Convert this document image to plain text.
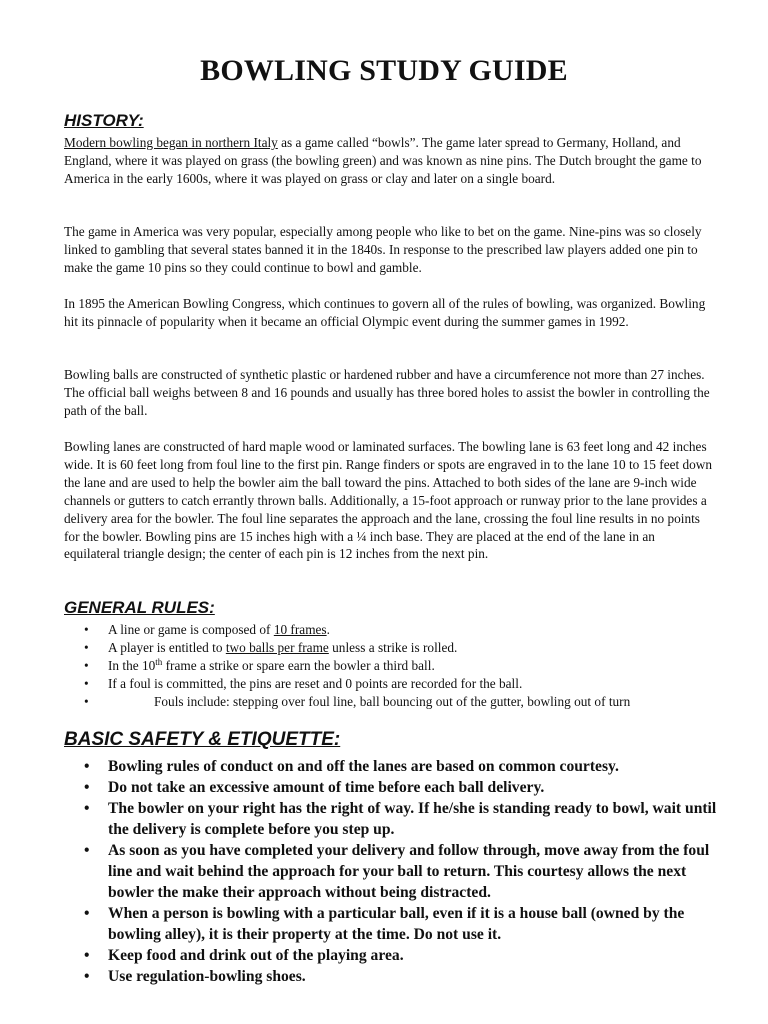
BOWLING STUDY GUIDE
HISTORY:

Modern bowling began in northern Italy as a game called “bowls”. The game later spread to Germany, Holland, and England, where it was played on grass (the bowling green) and was known as nine pins. The Dutch brought the game to America in the early 1600s, where it was played on grass or clay and later on a single board.

The game in America was very popular, especially among people who like to bet on the game. Nine-pins was so closely linked to gambling that several states banned it in the 1840s. In response to the prescribed law players added one pin to make the game 10 pins so they could continue to bowl and gamble.

In 1895 the American Bowling Congress, which continues to govern all of the rules of bowling, was organized. Bowling hit its pinnacle of popularity when it became an official Olympic event during the summer games in 1992.

Bowling balls are constructed of synthetic plastic or hardened rubber and have a circumference not more than 27 inches. The official ball weighs between 8 and 16 pounds and usually has three bored holes to assist the bowler in controlling the path of the ball.

Bowling lanes are constructed of hard maple wood or laminated surfaces. The bowling lane is 63 feet long and 42 inches wide. It is 60 feet long from foul line to the first pin. Range finders or spots are engraved in to the lane 10 to 15 feet down the lane and are used to help the bowler aim the ball toward the pins. Attached to both sides of the lane are 9-inch wide channels or gutters to catch errantly thrown balls. Additionally, a 15-foot approach or runway prior to the lane provides a delivery area for the bowler. The foul line separates the approach and the lane, crossing the foul line results in no points for the bowler. Bowling pins are 15 inches high with a ¼ inch base. They are placed at the end of the lane in an equilateral triangle design; the center of each pin is 12 inches from the next pin.

GENERAL RULES:
• A line or game is composed of 10 frames.
• A player is entitled to two balls per frame unless a strike is rolled.
• In the 10th frame a strike or spare earn the bowler a third ball.
• If a foul is committed, the pins are reset and 0 points are recorded for the ball.
• Fouls include: stepping over foul line, ball bouncing out of the gutter, bowling out of turn
BASIC SAFETY & ETIQUETTE:
• Bowling rules of conduct on and off the lanes are based on common courtesy.
• Do not take an excessive amount of time before each ball delivery.
• The bowler on your right has the right of way. If he/she is standing ready to bowl, wait until the delivery is complete before you step up.
• As soon as you have completed your delivery and follow through, move away from the foul line and wait behind the approach for your ball to return. This courtesy allows the next bowler the make their approach without being distracted.
• When a person is bowling with a particular ball, even if it is a house ball (owned by the bowling alley), it is their property at the time. Do not use it.
• Keep food and drink out of the playing area.
• Use regulation-bowling shoes.
